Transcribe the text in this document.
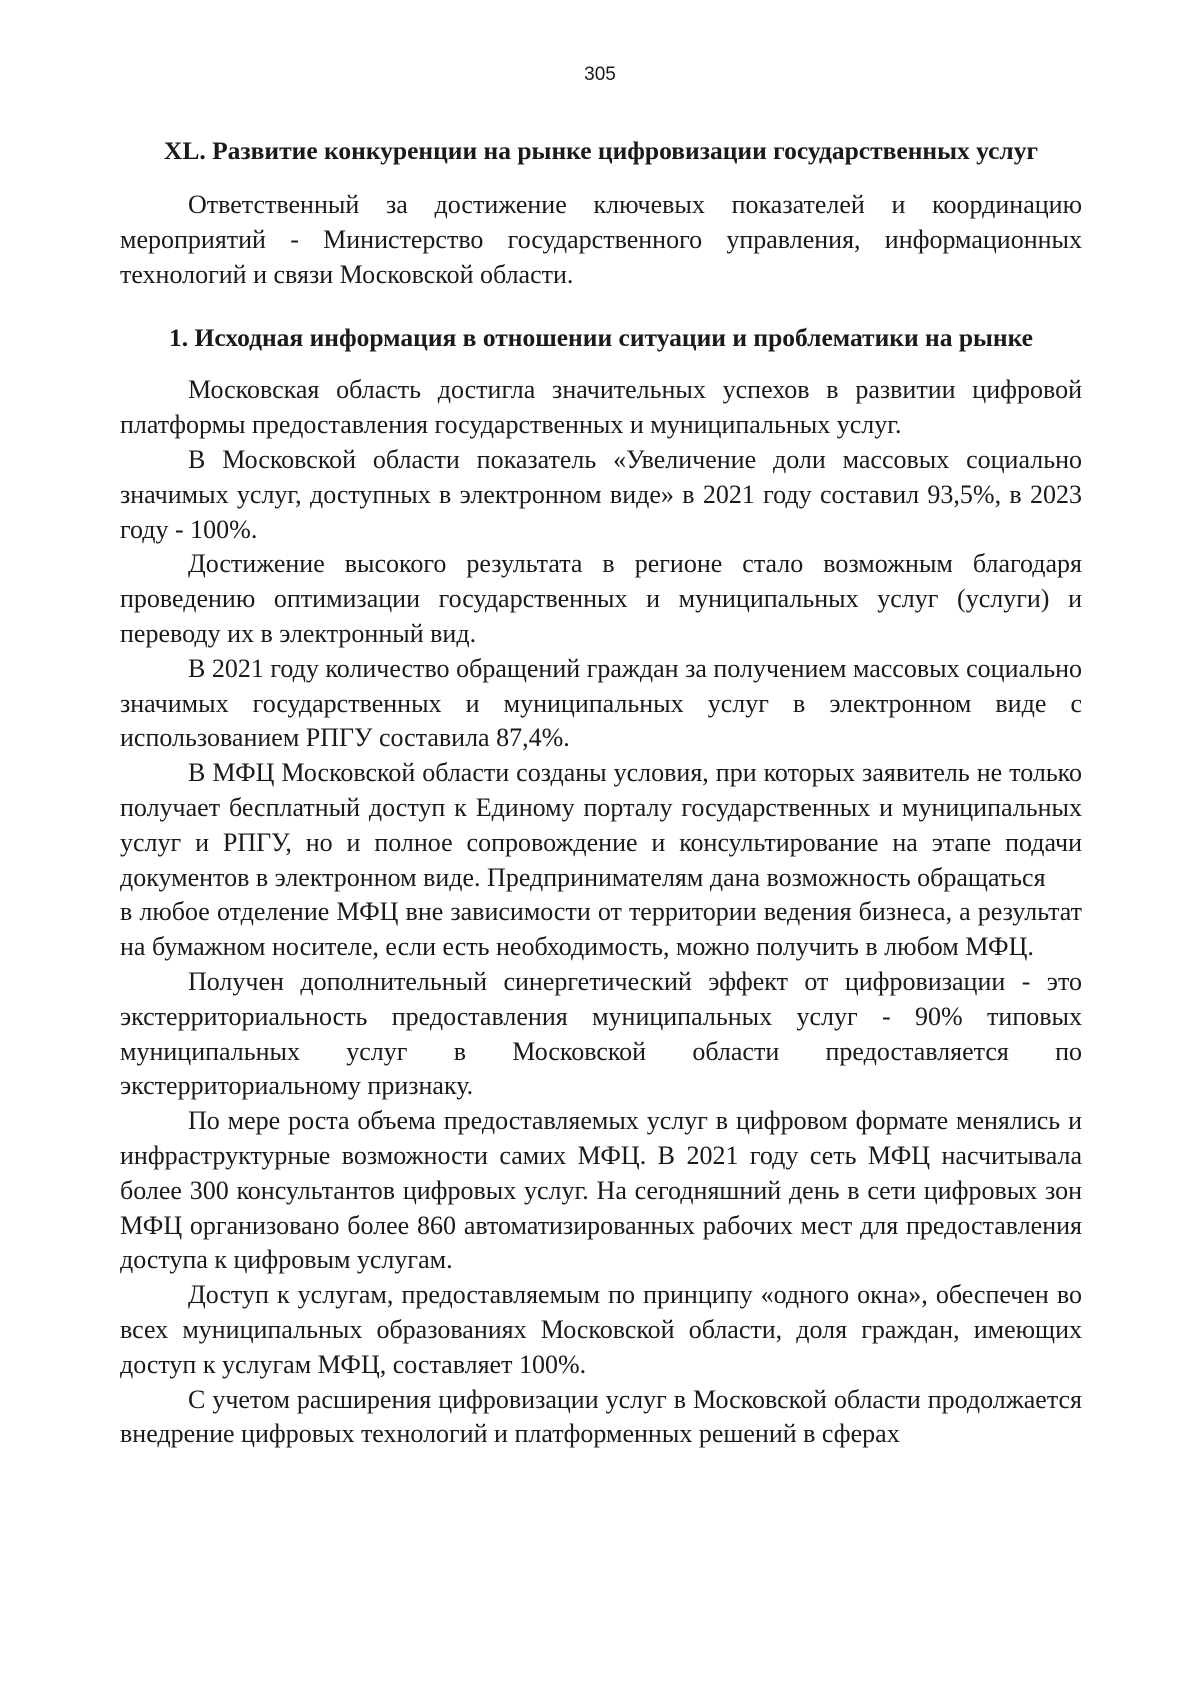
305
XL. Развитие конкуренции на рынке цифровизации государственных услуг

Ответственный за достижение ключевых показателей и координацию мероприятий - Министерство государственного управления, информационных технологий и связи Московской области.

1. Исходная информация в отношении ситуации и проблематики на рынке

Московская область достигла значительных успехов в развитии цифровой платформы предоставления государственных и муниципальных услуг.

В Московской области показатель «Увеличение доли массовых социально значимых услуг, доступных в электронном виде» в 2021 году составил 93,5%, в 2023 году - 100%.

Достижение высокого результата в регионе стало возможным благодаря проведению оптимизации государственных и муниципальных услуг (услуги) и переводу их в электронный вид.

В 2021 году количество обращений граждан за получением массовых социально значимых государственных и муниципальных услуг в электронном виде с использованием РПГУ составила 87,4%.

В МФЦ Московской области созданы условия, при которых заявитель не только получает бесплатный доступ к Единому порталу государственных и муниципальных услуг и РПГУ, но и полное сопровождение и консультирование на этапе подачи документов в электронном виде. Предпринимателям дана возможность обращаться

в любое отделение МФЦ вне зависимости от территории ведения бизнеса, а результат на бумажном носителе, если есть необходимость, можно получить в любом МФЦ.

Получен дополнительный синергетический эффект от цифровизации - это экстерриториальность предоставления муниципальных услуг - 90% типовых муниципальных услуг в Московской области предоставляется по экстерриториальному признаку.

По мере роста объема предоставляемых услуг в цифровом формате менялись и инфраструктурные возможности самих МФЦ. В 2021 году сеть МФЦ насчитывала более 300 консультантов цифровых услуг. На сегодняшний день в сети цифровых зон МФЦ организовано более 860 автоматизированных рабочих мест для предоставления доступа к цифровым услугам.

Доступ к услугам, предоставляемым по принципу «одного окна», обеспечен во всех муниципальных образованиях Московской области, доля граждан, имеющих доступ к услугам МФЦ, составляет 100%.

С учетом расширения цифровизации услуг в Московской области продолжается внедрение цифровых технологий и платформенных решений в сферах
